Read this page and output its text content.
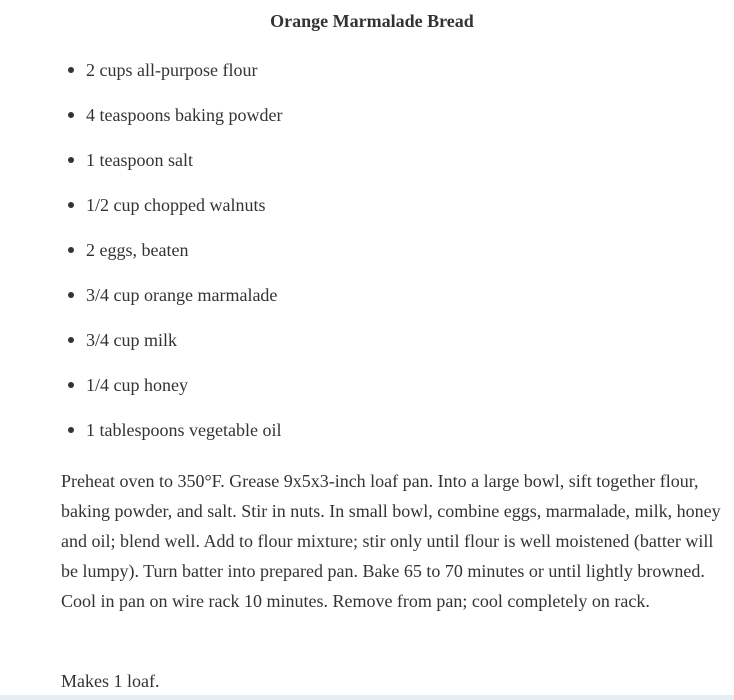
Orange Marmalade Bread
2 cups all-purpose flour
4 teaspoons baking powder
1 teaspoon salt
1/2 cup chopped walnuts
2 eggs, beaten
3/4 cup orange marmalade
3/4 cup milk
1/4 cup honey
1 tablespoons vegetable oil

Preheat oven to 350°F. Grease 9x5x3-inch loaf pan. Into a large bowl, sift together flour, baking powder, and salt. Stir in nuts. In small bowl, combine eggs, marmalade, milk, honey and oil; blend well. Add to flour mixture; stir only until flour is well moistened (batter will be lumpy). Turn batter into prepared pan. Bake 65 to 70 minutes or until lightly browned. Cool in pan on wire rack 10 minutes. Remove from pan; cool completely on rack.

Makes 1 loaf.
